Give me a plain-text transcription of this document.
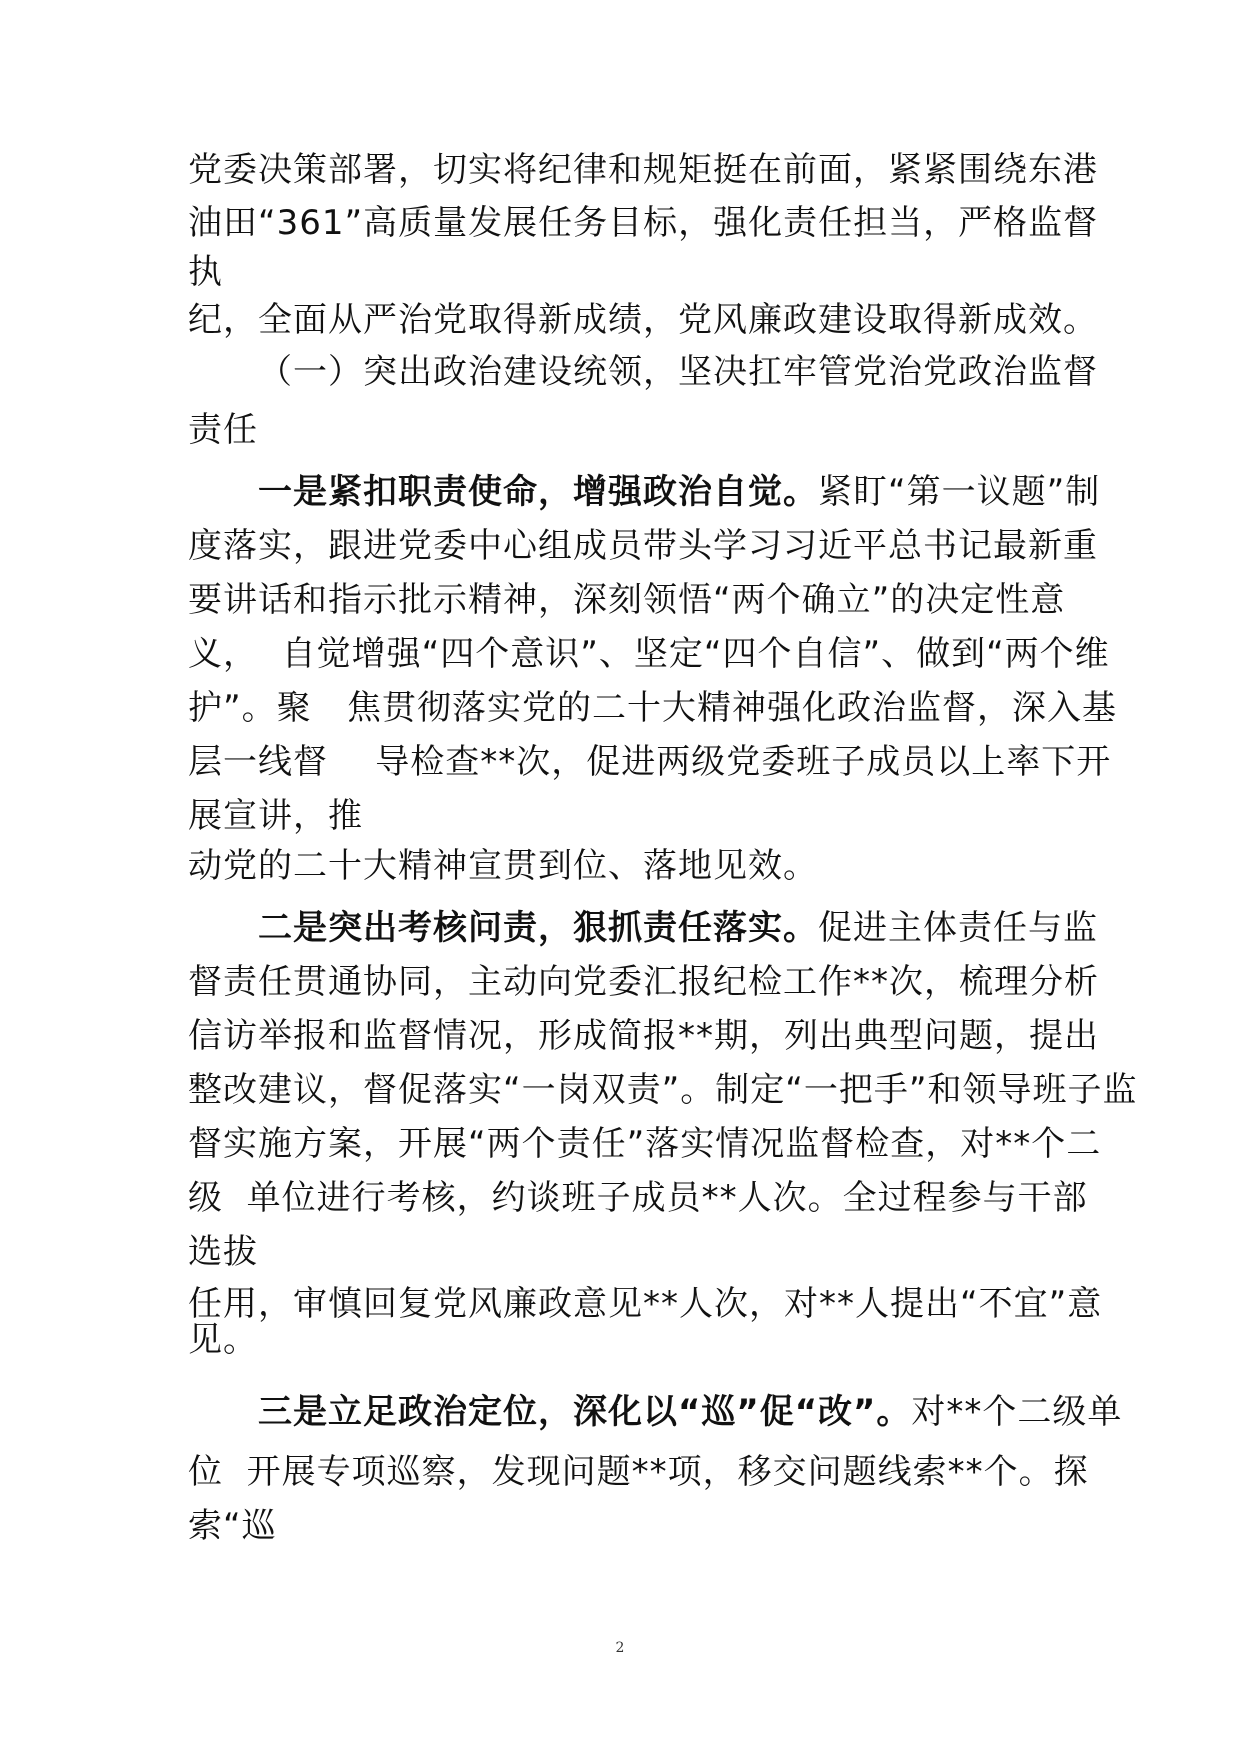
党委决策部署，切实将纪律和规矩挺在前面，紧紧围绕东港
油田“361”高质量发展任务目标，强化责任担当，严格监督
执
纪，全面从严治党取得新成绩，党风廉政建设取得新成效。
（一）突出政治建设统领，坚决扛牢管党治党政治监督
责任
一是紧扣职责使命，增强政治自觉。紧盯“第一议题”制
度落实，跟进党委中心组成员带头学习习近平总书记最新重
要讲话和指示批示精神，深刻领悟“两个确立”的决定性意
义，  自觉增强“四个意识”、坚定“四个自信”、做到“两个维
护”。聚   焦贯彻落实党的二十大精神强化政治监督，深入基
层一线督    导检查**次，促进两级党委班子成员以上率下开
展宣讲，推
动党的二十大精神宣贯到位、落地见效。
二是突出考核问责，狠抓责任落实。促进主体责任与监
督责任贯通协同，主动向党委汇报纪检工作**次，梳理分析
信访举报和监督情况，形成简报**期，列出典型问题，提出
整改建议，督促落实“一岗双责”。制定“一把手”和领导班子监
督实施方案，开展“两个责任”落实情况监督检查，对**个二
级  单位进行考核，约谈班子成员**人次。全过程参与干部
选拔
任用，审慎回复党风廉政意见**人次，对**人提出“不宜”意
见。
三是立足政治定位，深化以“巡”促“改”。对**个二级单
位  开展专项巡察，发现问题**项，移交问题线索**个。探
索“巡
2
